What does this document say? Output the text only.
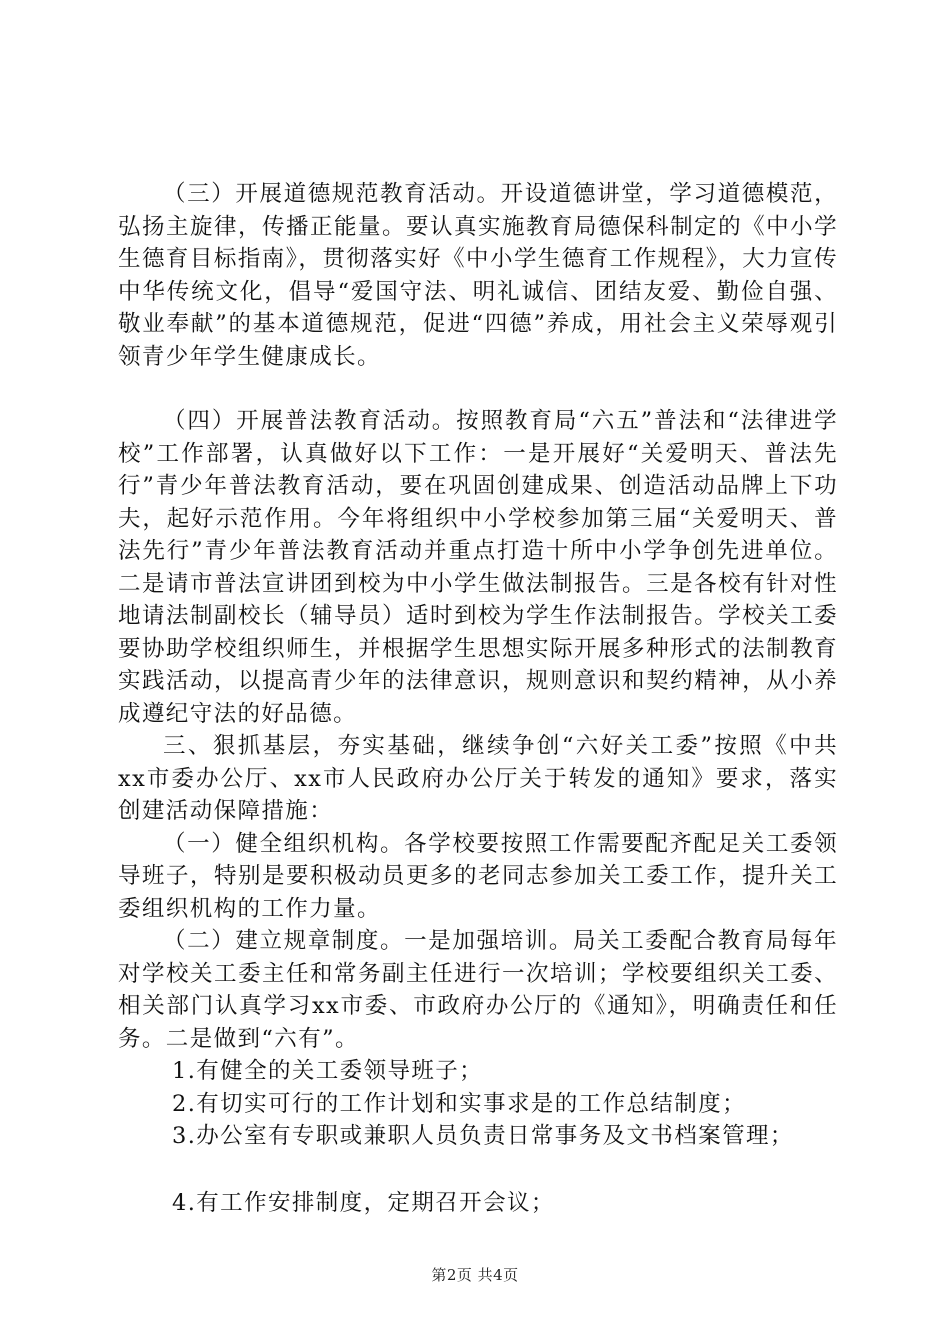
（三）开展道德规范教育活动。开设道德讲堂，学习道德模范，弘扬主旋律，传播正能量。要认真实施教育局德保科制定的《中小学生德育目标指南》，贯彻落实好《中小学生德育工作规程》，大力宣传中华传统文化，倡导“爱国守法、明礼诚信、团结友爱、勤俭自强、敬业奉献”的基本道德规范，促进“四德”养成，用社会主义荣辱观引领青少年学生健康成长。

（四）开展普法教育活动。按照教育局“六五”普法和“法律进学校”工作部署，认真做好以下工作：一是开展好“关爱明天、普法先行”青少年普法教育活动，要在巩固创建成果、创造活动品牌上下功夫，起好示范作用。今年将组织中小学校参加第三届“关爱明天、普法先行”青少年普法教育活动并重点打造十所中小学争创先进单位。二是请市普法宣讲团到校为中小学生做法制报告。三是各校有针对性地请法制副校长（辅导员）适时到校为学生作法制报告。学校关工委要协助学校组织师生，并根据学生思想实际开展多种形式的法制教育实践活动，以提高青少年的法律意识，规则意识和契约精神，从小养成遵纪守法的好品德。

三、狠抓基层，夯实基础，继续争创“六好关工委”按照《中共xx市委办公厅、xx市人民政府办公厅关于转发的通知》要求，落实创建活动保障措施：

（一）健全组织机构。各学校要按照工作需要配齐配足关工委领导班子，特别是要积极动员更多的老同志参加关工委工作，提升关工委组织机构的工作力量。

（二）建立规章制度。一是加强培训。局关工委配合教育局每年对学校关工委主任和常务副主任进行一次培训；学校要组织关工委、相关部门认真学习xx市委、市政府办公厅的《通知》，明确责任和任务。二是做到“六有”。

1.有健全的关工委领导班子；

2.有切实可行的工作计划和实事求是的工作总结制度；

3.办公室有专职或兼职人员负责日常事务及文书档案管理；

4.有工作安排制度，定期召开会议；

第2页 共4页
